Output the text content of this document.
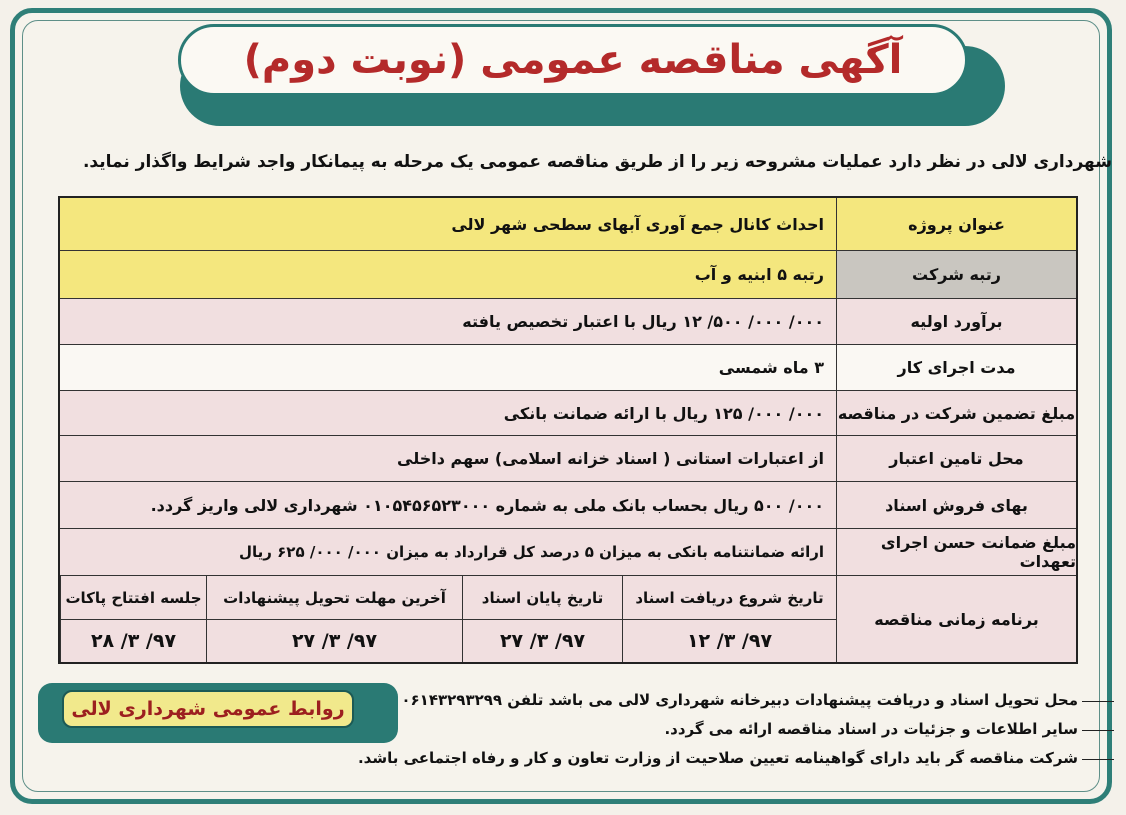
آگهی مناقصه عمومی (نوبت دوم)
شهرداری لالی در نظر دارد عملیات مشروحه زیر را از طریق مناقصه عمومی یک مرحله به پیمانکار واجد شرایط واگذار نماید.
عنوان پروژه
احداث کانال جمع آوری آبهای سطحی شهر لالی
رتبه شرکت
رتبه ۵ ابنیه و آب
برآورد اولیه
۰۰۰/ ۰۰۰/ ۵۰۰/ ۱۲ ریال با اعتبار تخصیص یافته
مدت اجرای کار
۳ ماه شمسی
مبلغ تضمین شرکت در مناقصه
۰۰۰/ ۰۰۰/ ۱۲۵ ریال با ارائه ضمانت بانکی
محل تامین اعتبار
از اعتبارات استانی ( اسناد خزانه اسلامی) سهم داخلی
بهای فروش اسناد
۰۰۰/ ۵۰۰ ریال بحساب بانک ملی به شماره ۰۱۰۵۴۵۶۵۲۳۰۰۰ شهرداری لالی واریز گردد.
مبلغ ضمانت حسن اجرای تعهدات
ارائه ضمانتنامه بانکی به میزان ۵ درصد کل قرارداد به میزان ۰۰۰/ ۰۰۰/ ۶۲۵ ریال
برنامه زمانی مناقصه
تاریخ شروع دریافت اسناد
تاریخ پایان اسناد
آخرین مهلت تحویل پیشنهادات
جلسه افتتاح پاکات
۹۷/ ۳/ ۱۲
۹۷/ ۳/ ۲۷
۹۷/ ۳/ ۲۷
۹۷/ ۳/ ۲۸
روابط عمومی شهرداری لالی	محل تحویل اسناد و دریافت پیشنهادات دبیرخانه شهرداری لالی می باشد تلفن ۰۶۱۴۳۲۹۳۲۹۹
سایر اطلاعات و جزئیات در اسناد مناقصه ارائه می گردد.
شرکت مناقصه گر باید دارای گواهینامه تعیین صلاحیت از وزارت تعاون و کار و رفاه اجتماعی باشد.
